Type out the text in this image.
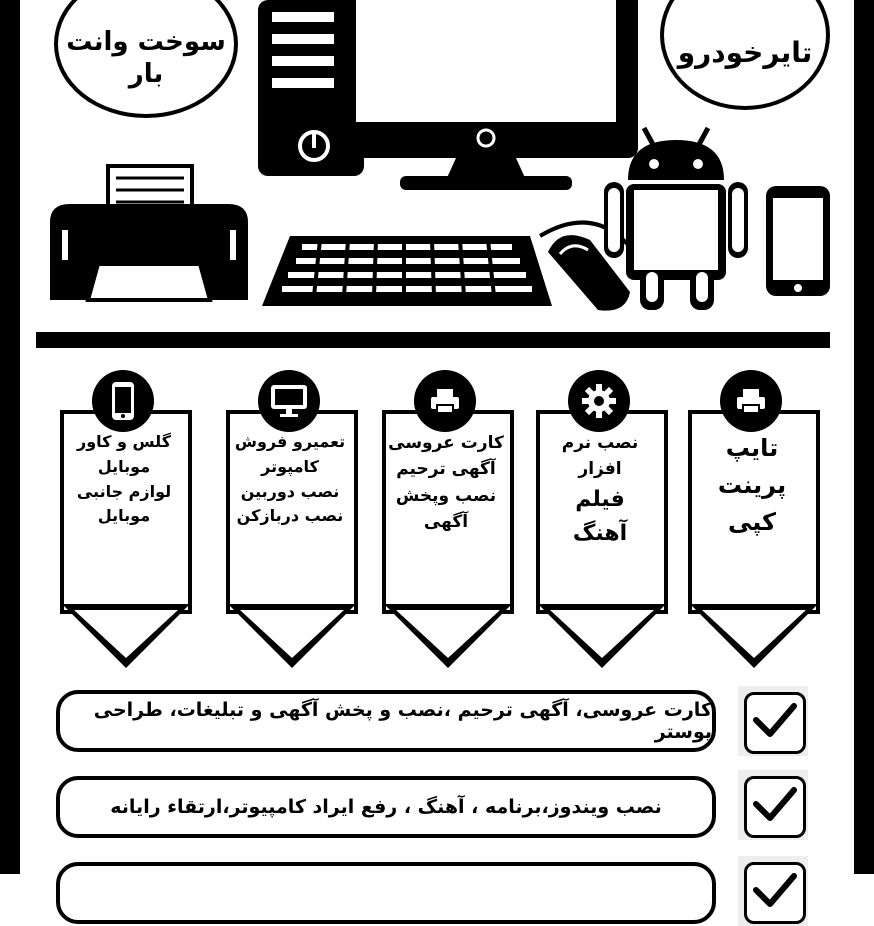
سوخت وانت
بار
تایرخودرو
تایپ
پرینت
کپی
نصب نرم افزار
فیلم
آهنگ
کارت عروسی
آگهی ترحیم
نصب وپخش
آگهی
تعمیرو فروش
کامپوتر
نصب دوربین
نصب دربازکن
گلس و کاور
موبایل
لوازم جانبی
موبایل
کارت عروسی، آگهی ترحیم ،نصب و پخش آگهی و تبلیغات، طراحی پوستر
نصب ویندوز،برنامه ، آهنگ ، رفع ایراد کامپیوتر،ارتقاء رایانه
